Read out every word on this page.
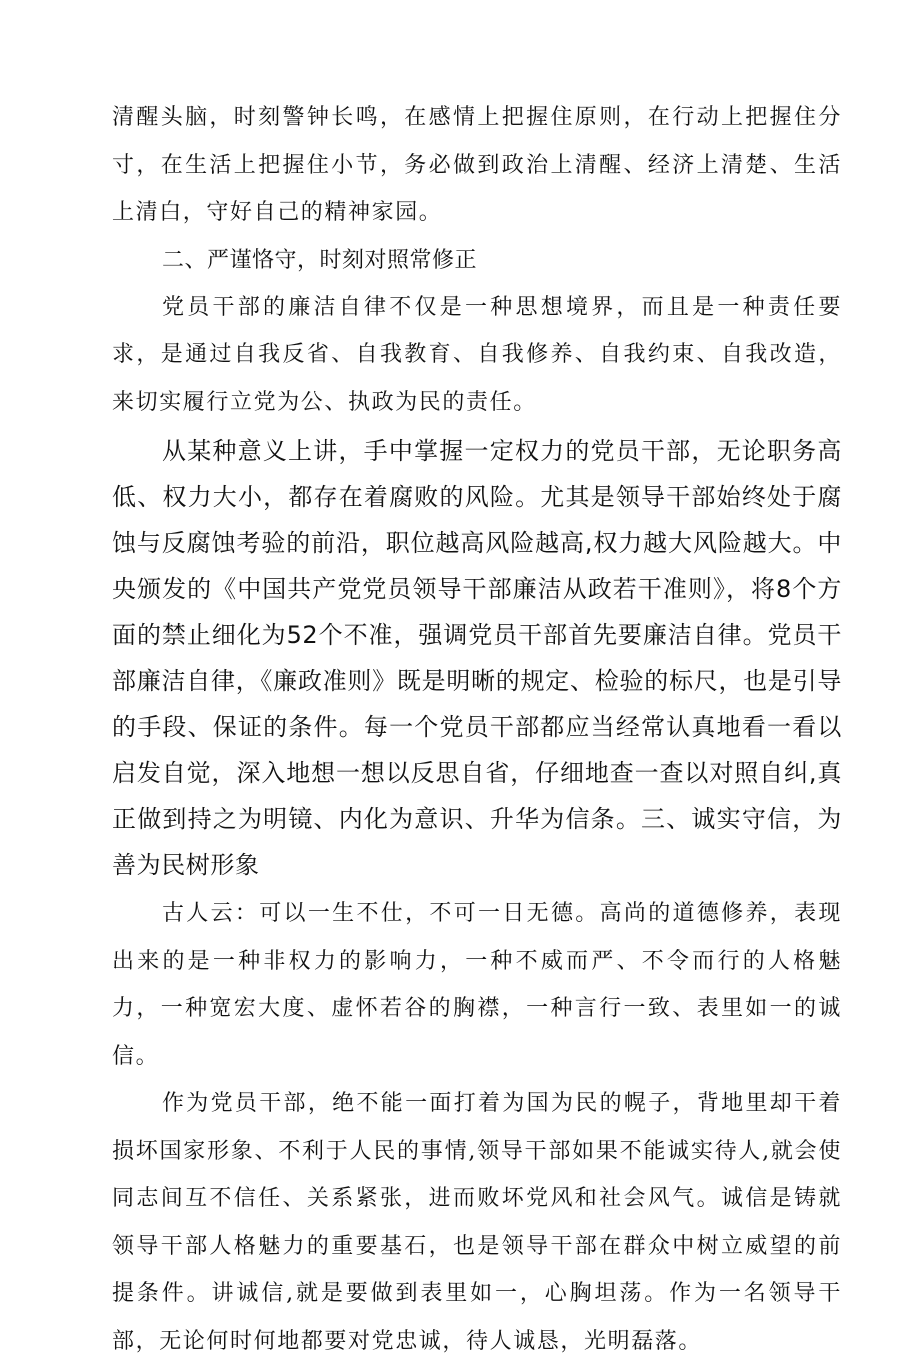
清醒头脑，时刻警钟长鸣，在感情上把握住原则，在行动上把握住分寸，在生活上把握住小节，务必做到政治上清醒、经济上清楚、生活上清白，守好自己的精神家园。

二、严谨恪守，时刻对照常修正

党员干部的廉洁自律不仅是一种思想境界，而且是一种责任要求，是通过自我反省、自我教育、自我修养、自我约束、自我改造，来切实履行立党为公、执政为民的责任。

从某种意义上讲，手中掌握一定权力的党员干部，无论职务高低、权力大小，都存在着腐败的风险。尤其是领导干部始终处于腐蚀与反腐蚀考验的前沿，职位越高风险越高,权力越大风险越大。中央颁发的《中国共产党党员领导干部廉洁从政若干准则》，将8个方面的禁止细化为52个不准，强调党员干部首先要廉洁自律。党员干部廉洁自律，《廉政准则》既是明晰的规定、检验的标尺，也是引导的手段、保证的条件。每一个党员干部都应当经常认真地看一看以启发自觉，深入地想一想以反思自省，仔细地查一查以对照自纠,真正做到持之为明镜、内化为意识、升华为信条。三、诚实守信，为善为民树形象

古人云：可以一生不仕，不可一日无德。高尚的道德修养，表现出来的是一种非权力的影响力，一种不威而严、不令而行的人格魅力，一种宽宏大度、虚怀若谷的胸襟，一种言行一致、表里如一的诚信。

作为党员干部，绝不能一面打着为国为民的幌子，背地里却干着损坏国家形象、不利于人民的事情,领导干部如果不能诚实待人,就会使同志间互不信任、关系紧张，进而败坏党风和社会风气。诚信是铸就领导干部人格魅力的重要基石，也是领导干部在群众中树立威望的前提条件。讲诚信,就是要做到表里如一，心胸坦荡。作为一名领导干部，无论何时何地都要对党忠诚，待人诚恳，光明磊落。
